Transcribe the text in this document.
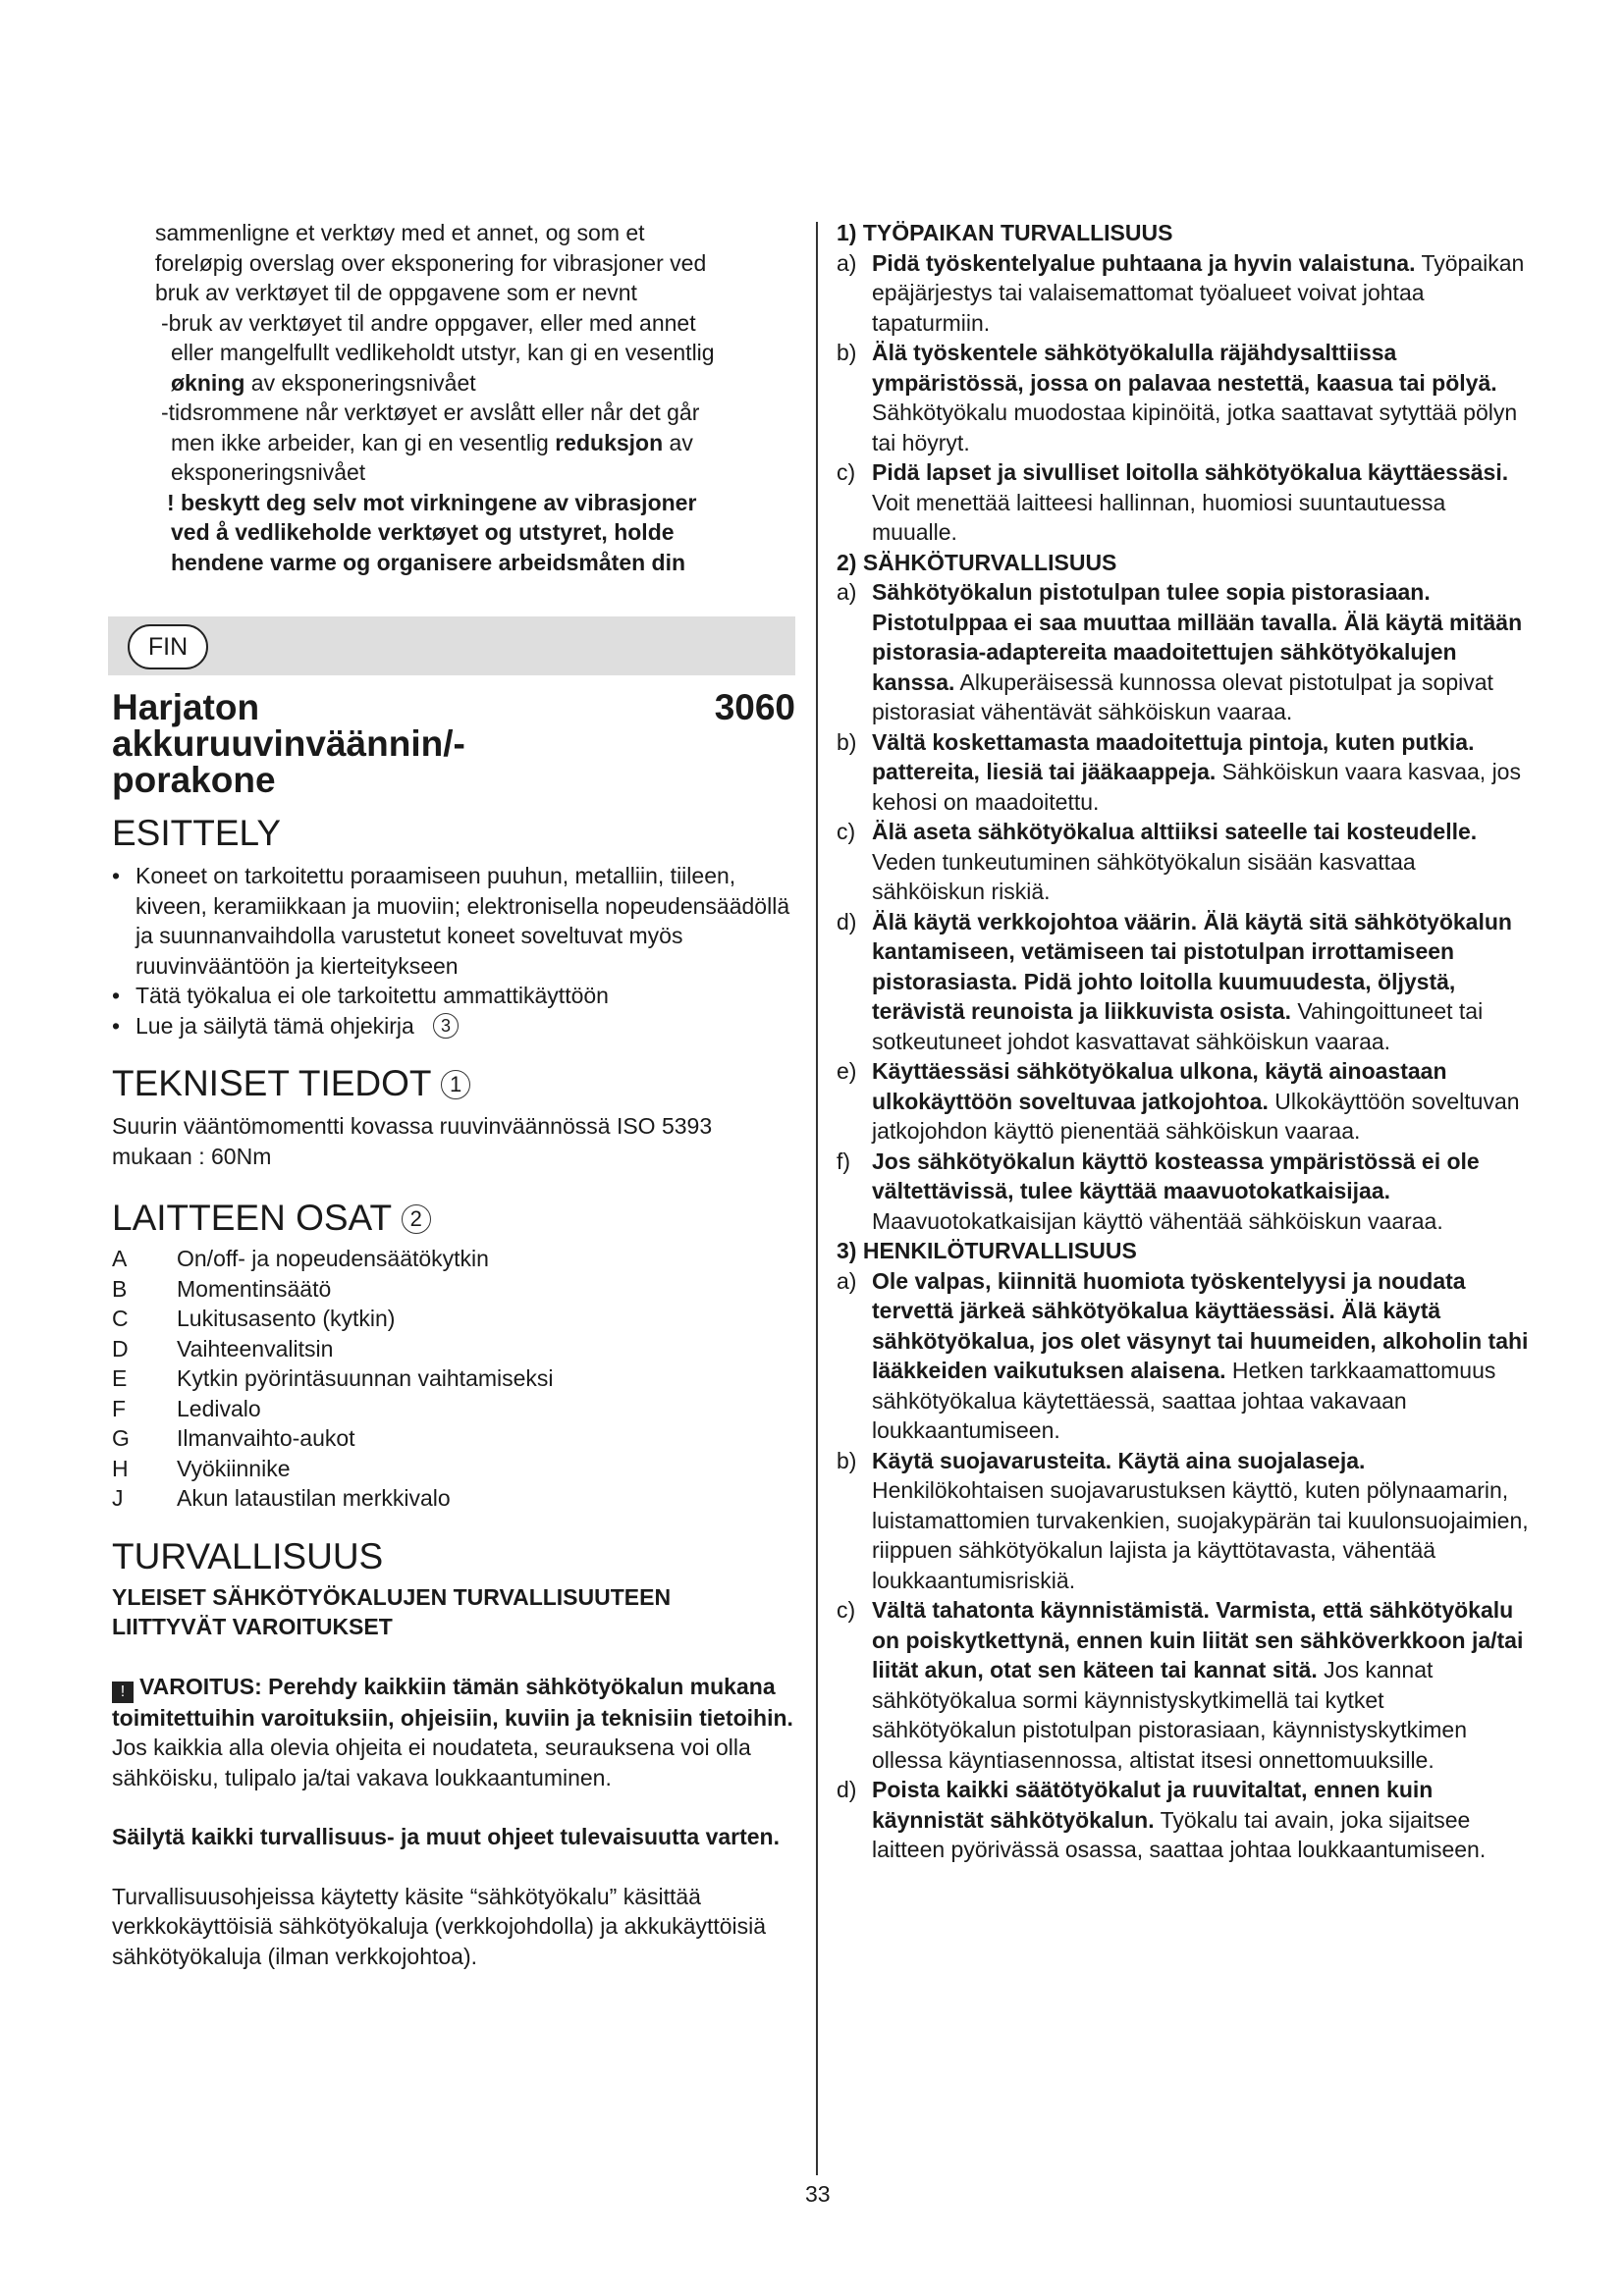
sammenligne et verktøy med et annet, og som et

foreløpig overslag over eksponering for vibrasjoner ved

bruk av verktøyet til de oppgavene som er nevnt

-bruk av verktøyet til andre oppgaver, eller med annet

eller mangelfullt vedlikeholdt utstyr, kan gi en vesentlig

økning av eksponeringsnivået

-tidsrommene når verktøyet er avslått eller når det går

men ikke arbeider, kan gi en vesentlig reduksjon av

eksponeringsnivået

! beskytt deg selv mot virkningene av vibrasjoner

ved å vedlikeholde verktøyet og utstyret, holde

hendene varme og organisere arbeidsmåten din

FIN
Harjaton
akkuruuvinväännin/-
porakone
3060
ESITTELY
• Koneet on tarkoitettu poraamiseen puuhun, metalliin, tiileen, kiveen, keramiikkaan ja muoviin; elektronisella nopeudensäädöllä ja suunnanvaihdolla varustetut koneet soveltuvat myös ruuvinvääntöön ja kierteitykseen
• Tätä työkalua ei ole tarkoitettu ammattikäyttöön
• Lue ja säilytä tämä ohjekirja 3
TEKNISET TIEDOT 1

Suurin vääntömomentti kovassa ruuvinväännössä ISO 5393 mukaan : 60Nm

LAITTEEN OSAT 2
A	On/off- ja nopeudensäätökytkin
B	Momentinsäätö
C	Lukitusasento (kytkin)
D	Vaihteenvalitsin
E	Kytkin pyörintäsuunnan vaihtamiseksi
F	Ledivalo
G	Ilmanvaihto-aukot
H	Vyökiinnike
J	Akun lataustilan merkkivalo
TURVALLISUUS

YLEISET SÄHKÖTYÖKALUJEN TURVALLISUUTEEN

LIITTYVÄT VAROITUKSET

! VAROITUS: Perehdy kaikkiin tämän sähkötyökalun mukana toimitettuihin varoituksiin, ohjeisiin, kuviin ja teknisiin tietoihin. Jos kaikkia alla olevia ohjeita ei noudateta, seurauksena voi olla sähköisku, tulipalo ja/tai vakava loukkaantuminen.

Säilytä kaikki turvallisuus- ja muut ohjeet tulevaisuutta varten.

Turvallisuusohjeissa käytetty käsite “sähkötyökalu” käsittää verkkokäyttöisiä sähkötyökaluja (verkkojohdolla) ja akkukäyttöisiä sähkötyökaluja (ilman verkkojohtoa).

1) TYÖPAIKAN TURVALLISUUS

a) Pidä työskentelyalue puhtaana ja hyvin valaistuna. Työpaikan epäjärjestys tai valaisemattomat työalueet voivat johtaa tapaturmiin.
b) Älä työskentele sähkötyökalulla räjähdysalttiissa ympäristössä, jossa on palavaa nestettä, kaasua tai pölyä. Sähkötyökalu muodostaa kipinöitä, jotka saattavat sytyttää pölyn tai höyryt.
c) Pidä lapset ja sivulliset loitolla sähkötyökalua käyttäessäsi. Voit menettää laitteesi hallinnan, huomiosi suuntautuessa muualle.

2) SÄHKÖTURVALLISUUS

a) Sähkötyökalun pistotulpan tulee sopia pistorasiaan. Pistotulppaa ei saa muuttaa millään tavalla. Älä käytä mitään pistorasia-adaptereita maadoitettujen sähkötyökalujen kanssa. Alkuperäisessä kunnossa olevat pistotulpat ja sopivat pistorasiat vähentävät sähköiskun vaaraa.
b) Vältä koskettamasta maadoitettuja pintoja, kuten putkia. pattereita, liesiä tai jääkaappeja. Sähköiskun vaara kasvaa, jos kehosi on maadoitettu.
c) Älä aseta sähkötyökalua alttiiksi sateelle tai kosteudelle. Veden tunkeutuminen sähkötyökalun sisään kasvattaa sähköiskun riskiä.
d) Älä käytä verkkojohtoa väärin. Älä käytä sitä sähkötyökalun kantamiseen, vetämiseen tai pistotulpan irrottamiseen pistorasiasta. Pidä johto loitolla kuumuudesta, öljystä, terävistä reunoista ja liikkuvista osista. Vahingoittuneet tai sotkeutuneet johdot kasvattavat sähköiskun vaaraa.
e) Käyttäessäsi sähkötyökalua ulkona, käytä ainoastaan ulkokäyttöön soveltuvaa jatkojohtoa. Ulkokäyttöön soveltuvan jatkojohdon käyttö pienentää sähköiskun vaaraa.
f) Jos sähkötyökalun käyttö kosteassa ympäristössä ei ole vältettävissä, tulee käyttää maavuotokatkaisijaa. Maavuotokatkaisijan käyttö vähentää sähköiskun vaaraa.

3) HENKILÖTURVALLISUUS

a) Ole valpas, kiinnitä huomiota työskentelyysi ja noudata tervettä järkeä sähkötyökalua käyttäessäsi. Älä käytä sähkötyökalua, jos olet väsynyt tai huumeiden, alkoholin tahi lääkkeiden vaikutuksen alaisena. Hetken tarkkaamattomuus sähkötyökalua käytettäessä, saattaa johtaa vakavaan loukkaantumiseen.
b) Käytä suojavarusteita. Käytä aina suojalaseja. Henkilökohtaisen suojavarustuksen käyttö, kuten pölynaamarin, luistamattomien turvakenkien, suojakypärän tai kuulonsuojaimien, riippuen sähkötyökalun lajista ja käyttötavasta, vähentää loukkaantumisriskiä.
c) Vältä tahatonta käynnistämistä. Varmista, että sähkötyökalu on poiskytkettynä, ennen kuin liität sen sähköverkkoon ja/tai liität akun, otat sen käteen tai kannat sitä. Jos kannat sähkötyökalua sormi käynnistyskytkimellä tai kytket sähkötyökalun pistotulpan pistorasiaan, käynnistyskytkimen ollessa käyntiasennossa, altistat itsesi onnettomuuksille.
d) Poista kaikki säätötyökalut ja ruuvitaltat, ennen kuin käynnistät sähkötyökalun. Työkalu tai avain, joka sijaitsee laitteen pyörivässä osassa, saattaa johtaa loukkaantumiseen.
33
